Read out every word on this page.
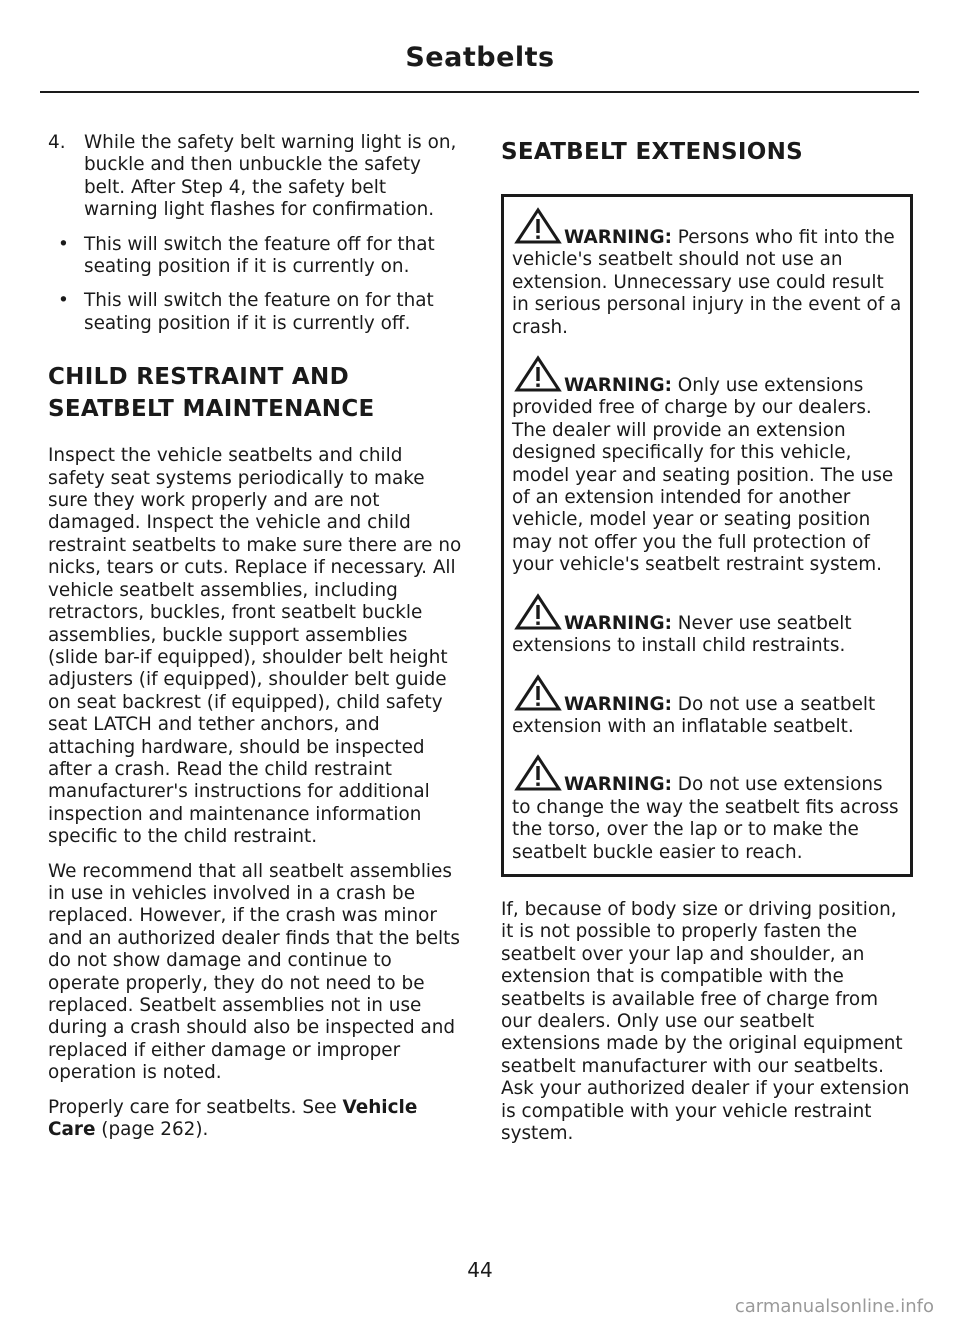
Seatbelts
4. While the safety belt warning light is on, buckle and then unbuckle the safety belt. After Step 4, the safety belt warning light flashes for confirmation.
• This will switch the feature off for that seating position if it is currently on.
• This will switch the feature on for that seating position if it is currently off.
CHILD RESTRAINT AND
SEATBELT MAINTENANCE

Inspect the vehicle seatbelts and child safety seat systems periodically to make sure they work properly and are not damaged. Inspect the vehicle and child restraint seatbelts to make sure there are no nicks, tears or cuts. Replace if necessary. All vehicle seatbelt assemblies, including retractors, buckles, front seatbelt buckle assemblies, buckle support assemblies (slide bar-if equipped), shoulder belt height adjusters (if equipped), shoulder belt guide on seat backrest (if equipped), child safety seat LATCH and tether anchors, and attaching hardware, should be inspected after a crash. Read the child restraint manufacturer's instructions for additional inspection and maintenance information specific to the child restraint.

We recommend that all seatbelt assemblies in use in vehicles involved in a crash be replaced. However, if the crash was minor and an authorized dealer finds that the belts do not show damage and continue to operate properly, they do not need to be replaced. Seatbelt assemblies not in use during a crash should also be inspected and replaced if either damage or improper operation is noted.

Properly care for seatbelts. See Vehicle Care (page 262).

SEATBELT EXTENSIONS
WARNING: Persons who fit into the vehicle's seatbelt should not use an extension. Unnecessary use could result in serious personal injury in the event of a crash.
WARNING: Only use extensions provided free of charge by our dealers. The dealer will provide an extension designed specifically for this vehicle, model year and seating position. The use of an extension intended for another vehicle, model year or seating position may not offer you the full protection of your vehicle's seatbelt restraint system.
WARNING: Never use seatbelt extensions to install child restraints.
WARNING: Do not use a seatbelt extension with an inflatable seatbelt.
WARNING: Do not use extensions to change the way the seatbelt fits across the torso, over the lap or to make the seatbelt buckle easier to reach.

If, because of body size or driving position, it is not possible to properly fasten the seatbelt over your lap and shoulder, an extension that is compatible with the seatbelts is available free of charge from our dealers. Only use our seatbelt extensions made by the original equipment seatbelt manufacturer with our seatbelts. Ask your authorized dealer if your extension is compatible with your vehicle restraint system.

44
carmanualsonline.info
